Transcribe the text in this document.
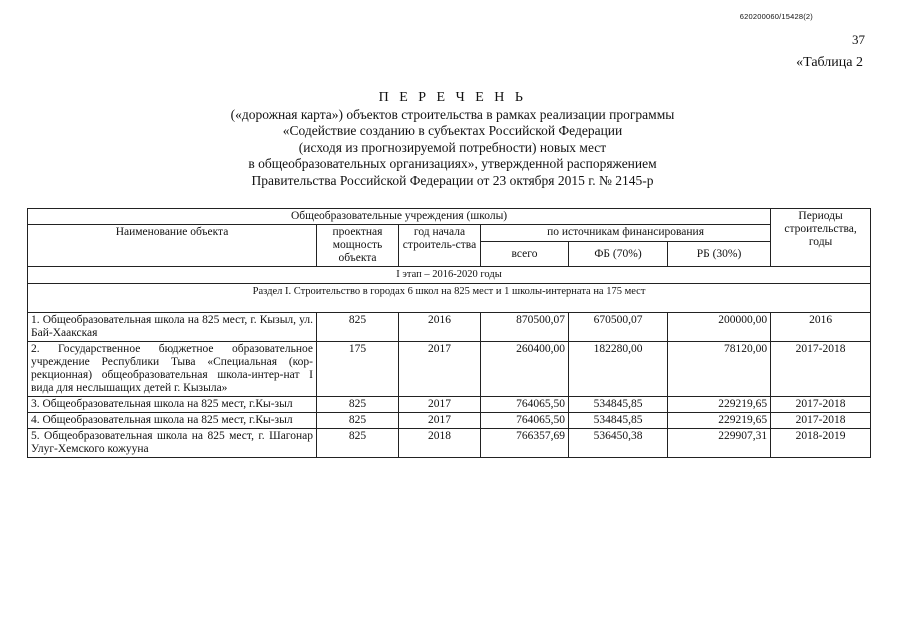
620200060/15428(2)
37
«Таблица 2
П Е Р Е Ч Е Н Ь
(«дорожная карта») объектов строительства в рамках реализации программы
«Содействие созданию в субъектах Российской Федерации
(исходя из прогнозируемой потребности) новых мест
в общеобразовательных организациях», утвержденной распоряжением
Правительства Российской Федерации от 23 октября 2015 г. № 2145-р
Общеобразовательные учреждения (школы)						Периоды строительства, годы
Наименование объекта	проектная мощность объекта	год начала строитель-ства	по источникам финансирования			
			всего	ФБ (70%)	РБ (30%)	
I этап – 2016-2020 годы						
Раздел I. Строительство в городах 6 школ на 825 мест и 1 школы-интерната на 175 мест						
1. Общеобразовательная школа на 825 мест, г. Кызыл, ул. Бай-Хаакская	825	2016	870500,07	670500,07	200000,00	2016
2. Государственное бюджетное образовательное учреждение Республики Тыва «Специальная (кор-рекционная) общеобразовательная школа-интер-нат I вида для неслышащих детей г. Кызыла»	175	2017	260400,00	182280,00	78120,00	2017-2018
3. Общеобразовательная школа на 825 мест, г.Кы-зыл	825	2017	764065,50	534845,85	229219,65	2017-2018
4. Общеобразовательная школа на 825 мест, г.Кы-зыл	825	2017	764065,50	534845,85	229219,65	2017-2018
5. Общеобразовательная школа на 825 мест, г. Шагонар Улуг-Хемского кожууна	825	2018	766357,69	536450,38	229907,31	2018-2019
